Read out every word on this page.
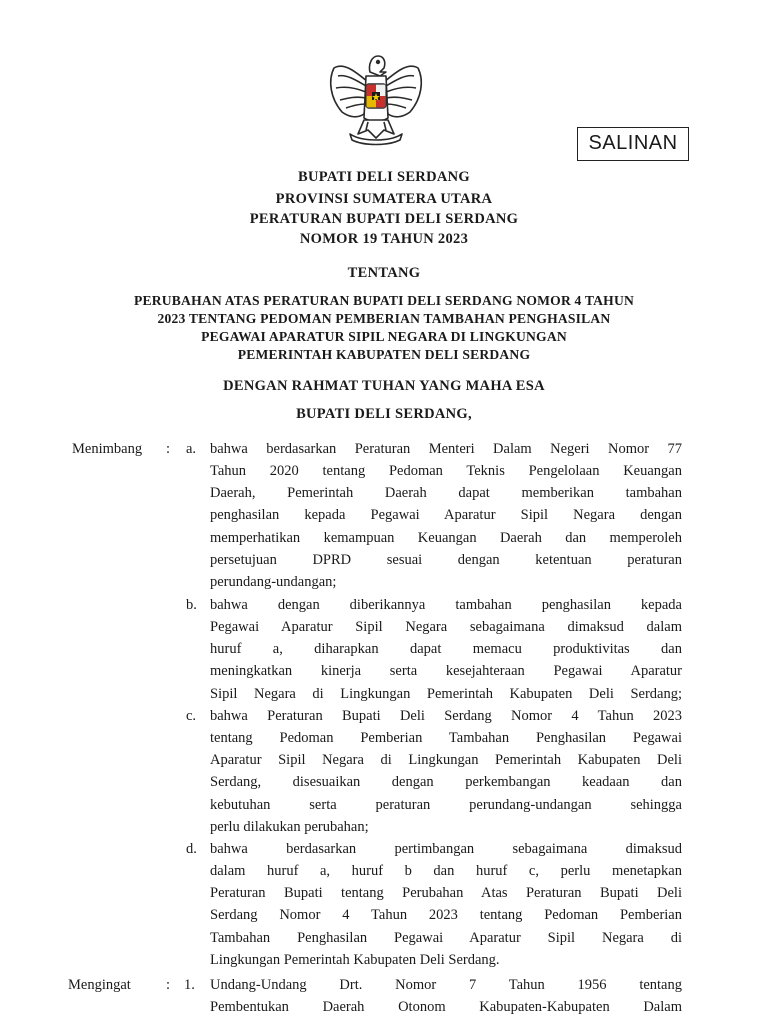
SALINAN
BUPATI DELI SERDANG
PROVINSI SUMATERA UTARA
PERATURAN BUPATI DELI SERDANG
NOMOR 19 TAHUN 2023
TENTANG
PERUBAHAN ATAS PERATURAN BUPATI DELI SERDANG NOMOR 4 TAHUN
2023 TENTANG PEDOMAN PEMBERIAN TAMBAHAN PENGHASILAN
PEGAWAI APARATUR SIPIL NEGARA DI LINGKUNGAN
PEMERINTAH KABUPATEN DELI SERDANG
DENGAN RAHMAT TUHAN YANG MAHA ESA
BUPATI DELI SERDANG,
Menimbang : a. bahwa berdasarkan Peraturan Menteri Dalam Negeri Nomor 77
Tahun 2020 tentang Pedoman Teknis Pengelolaan Keuangan
Daerah, Pemerintah Daerah dapat memberikan tambahan
penghasilan kepada Pegawai Aparatur Sipil Negara dengan
memperhatikan kemampuan Keuangan Daerah dan memperoleh
persetujuan DPRD sesuai dengan ketentuan peraturan
perundang-undangan;
b. bahwa dengan diberikannya tambahan penghasilan kepada
Pegawai Aparatur Sipil Negara sebagaimana dimaksud dalam
huruf a, diharapkan dapat memacu produktivitas dan
meningkatkan kinerja serta kesejahteraan Pegawai Aparatur
Sipil Negara di Lingkungan Pemerintah Kabupaten Deli Serdang;
c. bahwa Peraturan Bupati Deli Serdang Nomor 4 Tahun 2023
tentang Pedoman Pemberian Tambahan Penghasilan Pegawai
Aparatur Sipil Negara di Lingkungan Pemerintah Kabupaten Deli
Serdang, disesuaikan dengan perkembangan keadaan dan
kebutuhan serta peraturan perundang-undangan sehingga
perlu dilakukan perubahan;
d. bahwa berdasarkan pertimbangan sebagaimana dimaksud
dalam huruf a, huruf b dan huruf c, perlu menetapkan
Peraturan Bupati tentang Perubahan Atas Peraturan Bupati Deli
Serdang Nomor 4 Tahun 2023 tentang Pedoman Pemberian
Tambahan Penghasilan Pegawai Aparatur Sipil Negara di
Lingkungan Pemerintah Kabupaten Deli Serdang.
Mengingat : 1. Undang-Undang Drt. Nomor 7 Tahun 1956 tentang
Pembentukan Daerah Otonom Kabupaten-Kabupaten Dalam
